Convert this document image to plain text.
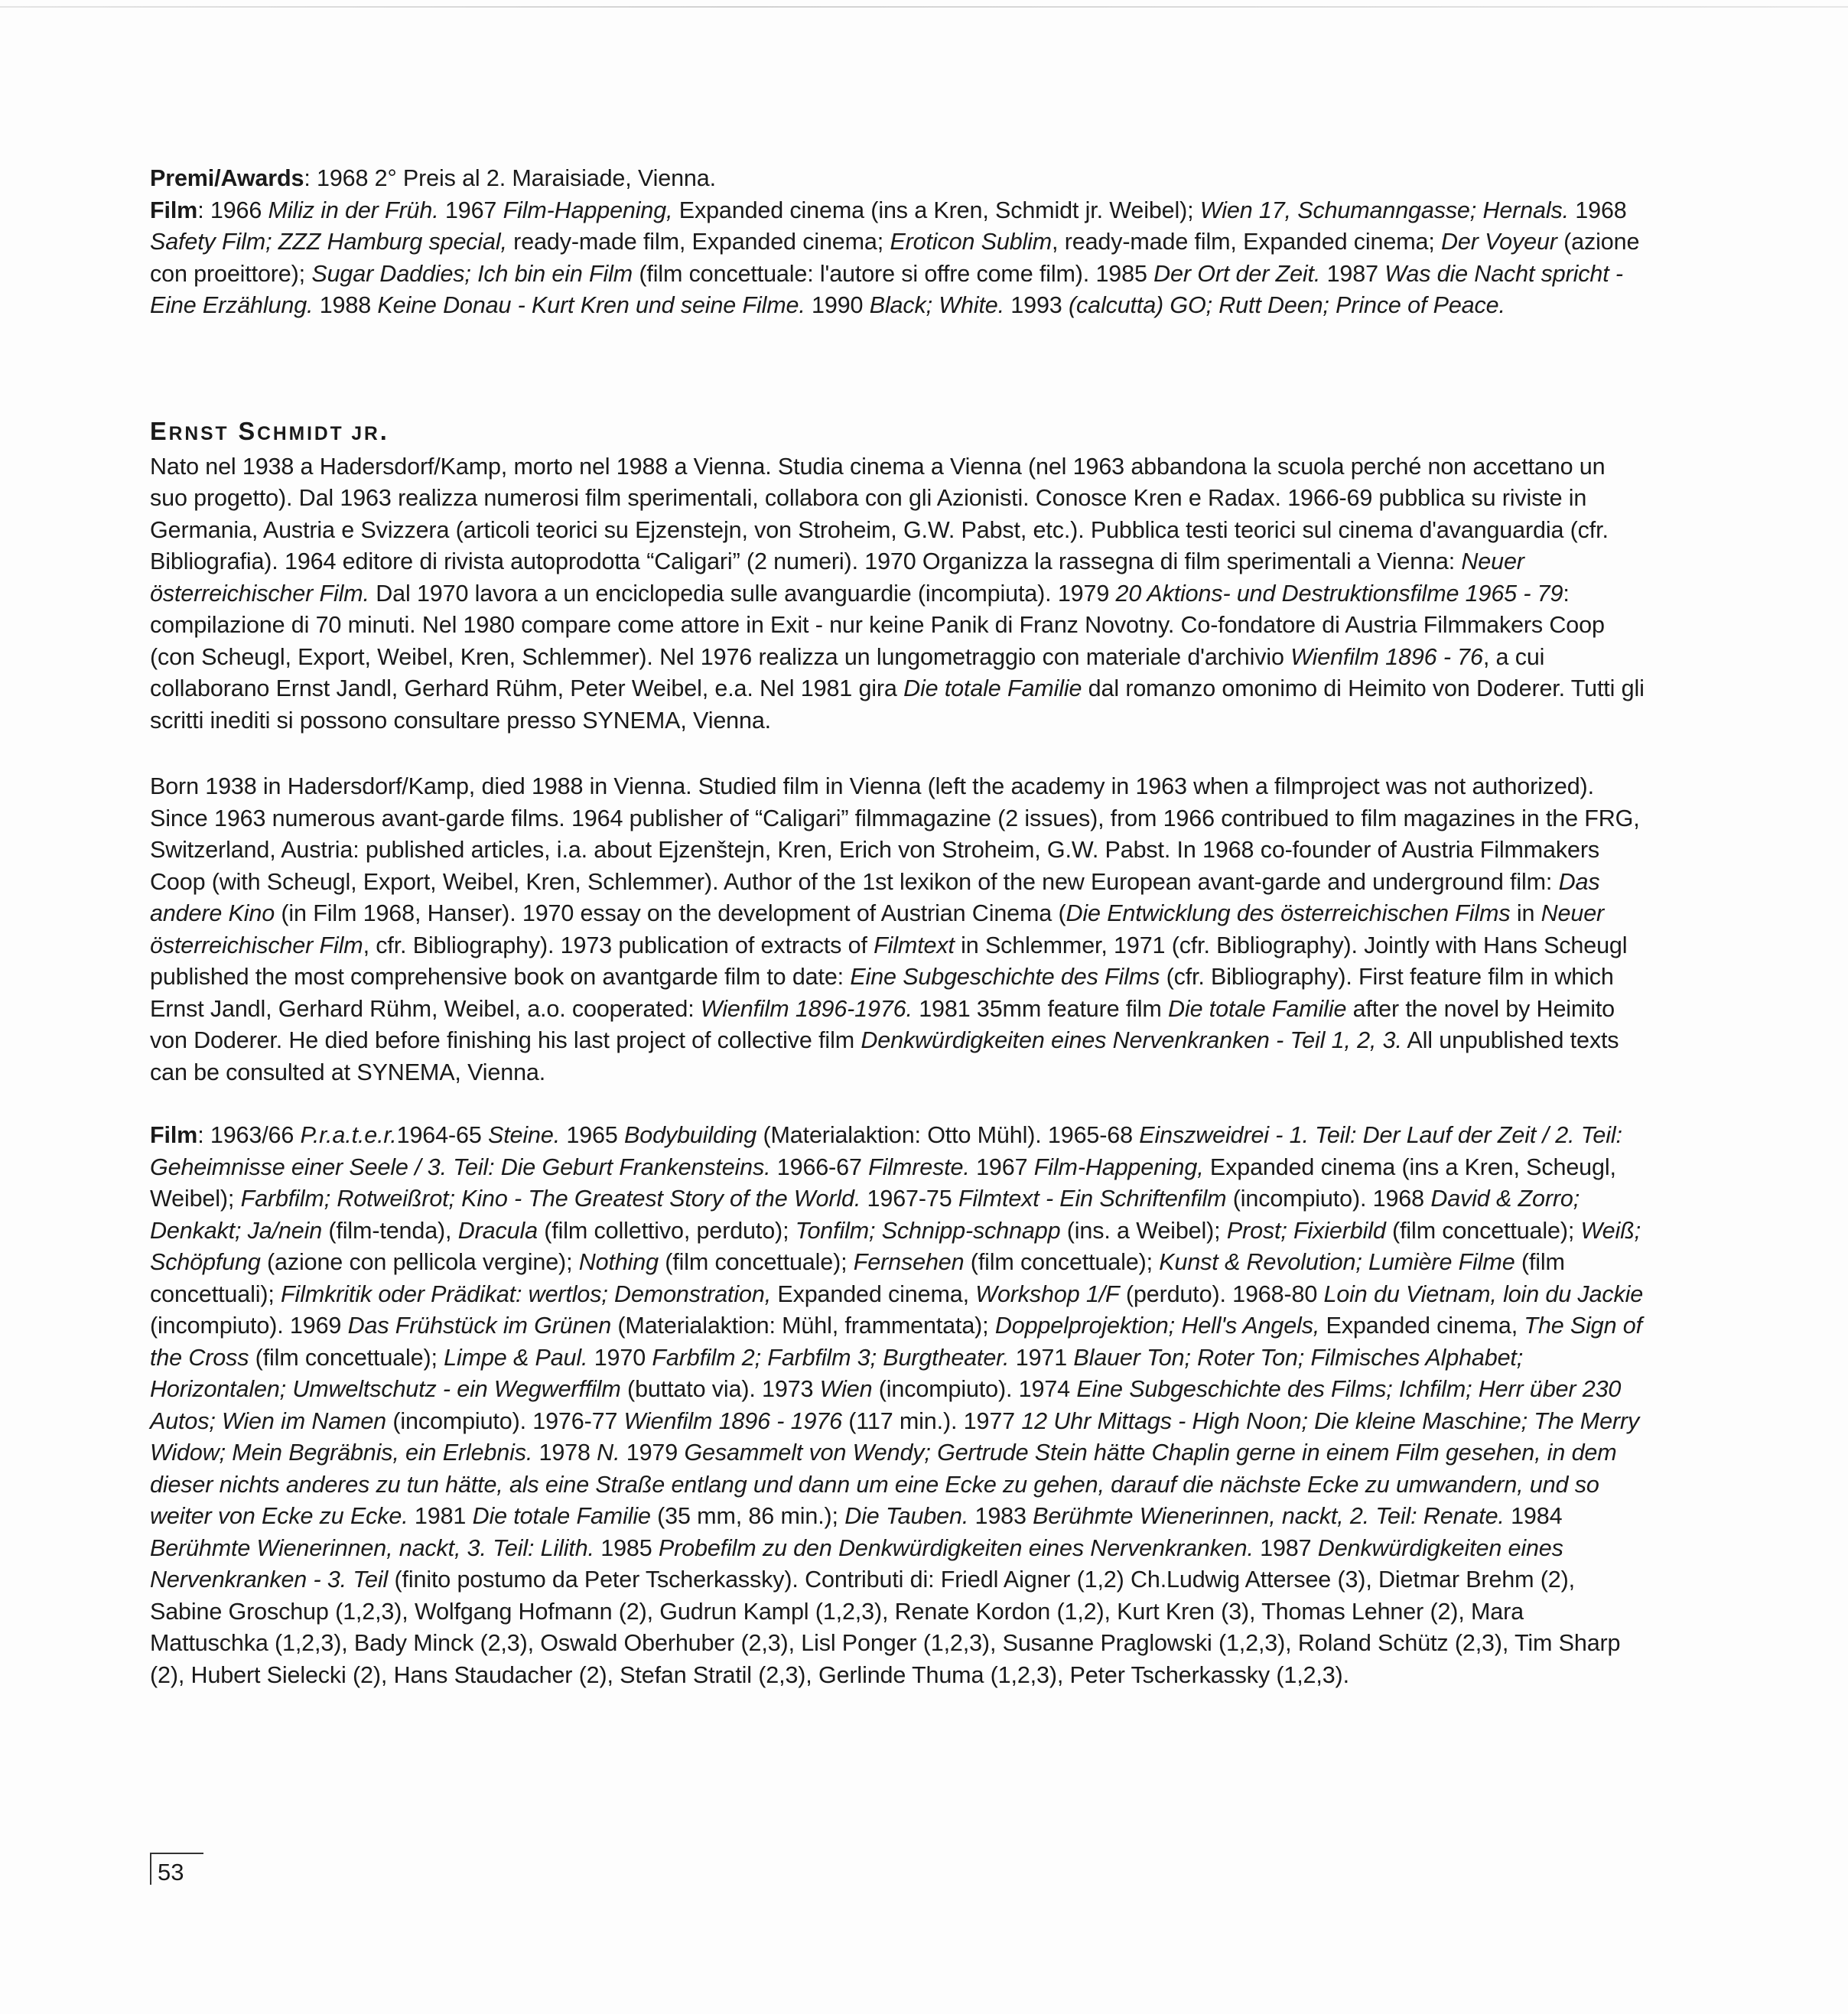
Premi/Awards: 1968 2° Preis al 2. Maraisiade, Vienna.
Film: 1966 Miliz in der Früh. 1967 Film-Happening, Expanded cinema (ins a Kren, Schmidt jr. Weibel); Wien 17, Schumanngasse; Hernals. 1968 Safety Film; ZZZ Hamburg special, ready-made film, Expanded cinema; Eroticon Sublim, ready-made film, Expanded cinema; Der Voyeur (azione con proeittore); Sugar Daddies; Ich bin ein Film (film concettuale: l'autore si offre come film). 1985 Der Ort der Zeit. 1987 Was die Nacht spricht - Eine Erzählung. 1988 Keine Donau - Kurt Kren und seine Filme. 1990 Black; White. 1993 (calcutta) GO; Rutt Deen; Prince of Peace.

ERNST SCHMIDT JR.
Nato nel 1938 a Hadersdorf/Kamp, morto nel 1988 a Vienna. Studia cinema a Vienna (nel 1963 abbandona la scuola perché non accettano un suo progetto). Dal 1963 realizza numerosi film sperimentali, collabora con gli Azionisti. Conosce Kren e Radax. 1966-69 pubblica su riviste in Germania, Austria e Svizzera (articoli teorici su Ejzenstejn, von Stroheim, G.W. Pabst, etc.). Pubblica testi teorici sul cinema d'avanguardia (cfr. Bibliografia). 1964 editore di rivista autoprodotta “Caligari” (2 numeri). 1970 Organizza la rassegna di film sperimentali a Vienna: Neuer österreichischer Film. Dal 1970 lavora a un enciclopedia sulle avanguardie (incompiuta). 1979 20 Aktions- und Destruktionsfilme 1965 - 79: compilazione di 70 minuti. Nel 1980 compare come attore in Exit - nur keine Panik di Franz Novotny. Co-fondatore di Austria Filmmakers Coop (con Scheugl, Export, Weibel, Kren, Schlemmer). Nel 1976 realizza un lungometraggio con materiale d'archivio Wienfilm 1896 - 76, a cui collaborano Ernst Jandl, Gerhard Rühm, Peter Weibel, e.a. Nel 1981 gira Die totale Familie dal romanzo omonimo di Heimito von Doderer. Tutti gli scritti inediti si possono consultare presso SYNEMA, Vienna.

Born 1938 in Hadersdorf/Kamp, died 1988 in Vienna. Studied film in Vienna (left the academy in 1963 when a filmproject was not authorized). Since 1963 numerous avant-garde films. 1964 publisher of “Caligari” filmmagazine (2 issues), from 1966 contribued to film magazines in the FRG, Switzerland, Austria: published articles, i.a. about Ejzenštejn, Kren, Erich von Stroheim, G.W. Pabst. In 1968 co-founder of Austria Filmmakers Coop (with Scheugl, Export, Weibel, Kren, Schlemmer). Author of the 1st lexikon of the new European avant-garde and underground film: Das andere Kino (in Film 1968, Hanser). 1970 essay on the development of Austrian Cinema (Die Entwicklung des österreichischen Films in Neuer österreichischer Film, cfr. Bibliography). 1973 publication of extracts of Filmtext in Schlemmer, 1971 (cfr. Bibliography). Jointly with Hans Scheugl published the most comprehensive book on avantgarde film to date: Eine Subgeschichte des Films (cfr. Bibliography). First feature film in which Ernst Jandl, Gerhard Rühm, Weibel, a.o. cooperated: Wienfilm 1896-1976. 1981 35mm feature film Die totale Familie after the novel by Heimito von Doderer. He died before finishing his last project of collective film Denkwürdigkeiten eines Nervenkranken - Teil 1, 2, 3. All unpublished texts can be consulted at SYNEMA, Vienna.

Film: 1963/66 P.r.a.t.e.r.1964-65 Steine. 1965 Bodybuilding (Materialaktion: Otto Mühl). 1965-68 Einszweidrei - 1. Teil: Der Lauf der Zeit / 2. Teil: Geheimnisse einer Seele / 3. Teil: Die Geburt Frankensteins. 1966-67 Filmreste. 1967 Film-Happening, Expanded cinema (ins a Kren, Scheugl, Weibel); Farbfilm; Rotweißrot; Kino - The Greatest Story of the World. 1967-75 Filmtext - Ein Schriftenfilm (incompiuto). 1968 David & Zorro; Denkakt; Ja/nein (film-tenda), Dracula (film collettivo, perduto); Tonfilm; Schnipp-schnapp (ins. a Weibel); Prost; Fixierbild (film concettuale); Weiß; Schöpfung (azione con pellicola vergine); Nothing (film concettuale); Fernsehen (film concettuale); Kunst & Revolution; Lumière Filme (film concettuali); Filmkritik oder Prädikat: wertlos; Demonstration, Expanded cinema, Workshop 1/F (perduto). 1968-80 Loin du Vietnam, loin du Jackie (incompiuto). 1969 Das Frühstück im Grünen (Materialaktion: Mühl, frammentata); Doppelprojektion; Hell's Angels, Expanded cinema, The Sign of the Cross (film concettuale); Limpe & Paul. 1970 Farbfilm 2; Farbfilm 3; Burgtheater. 1971 Blauer Ton; Roter Ton; Filmisches Alphabet; Horizontalen; Umweltschutz - ein Wegwerffilm (buttato via). 1973 Wien (incompiuto). 1974 Eine Subgeschichte des Films; Ichfilm; Herr über 230 Autos; Wien im Namen (incompiuto). 1976-77 Wienfilm 1896 - 1976 (117 min.). 1977 12 Uhr Mittags - High Noon; Die kleine Maschine; The Merry Widow; Mein Begräbnis, ein Erlebnis. 1978 N. 1979 Gesammelt von Wendy; Gertrude Stein hätte Chaplin gerne in einem Film gesehen, in dem dieser nichts anderes zu tun hätte, als eine Straße entlang und dann um eine Ecke zu gehen, darauf die nächste Ecke zu umwandern, und so weiter von Ecke zu Ecke. 1981 Die totale Familie (35 mm, 86 min.); Die Tauben. 1983 Berühmte Wienerinnen, nackt, 2. Teil: Renate. 1984 Berühmte Wienerinnen, nackt, 3. Teil: Lilith. 1985 Probefilm zu den Denkwürdigkeiten eines Nervenkranken. 1987 Denkwürdigkeiten eines Nervenkranken - 3. Teil (finito postumo da Peter Tscherkassky). Contributi di: Friedl Aigner (1,2) Ch.Ludwig Attersee (3), Dietmar Brehm (2), Sabine Groschup (1,2,3), Wolfgang Hofmann (2), Gudrun Kampl (1,2,3), Renate Kordon (1,2), Kurt Kren (3), Thomas Lehner (2), Mara Mattuschka (1,2,3), Bady Minck (2,3), Oswald Oberhuber (2,3), Lisl Ponger (1,2,3), Susanne Praglowski (1,2,3), Roland Schütz (2,3), Tim Sharp (2), Hubert Sielecki (2), Hans Staudacher (2), Stefan Stratil (2,3), Gerlinde Thuma (1,2,3), Peter Tscherkassky (1,2,3).

53
